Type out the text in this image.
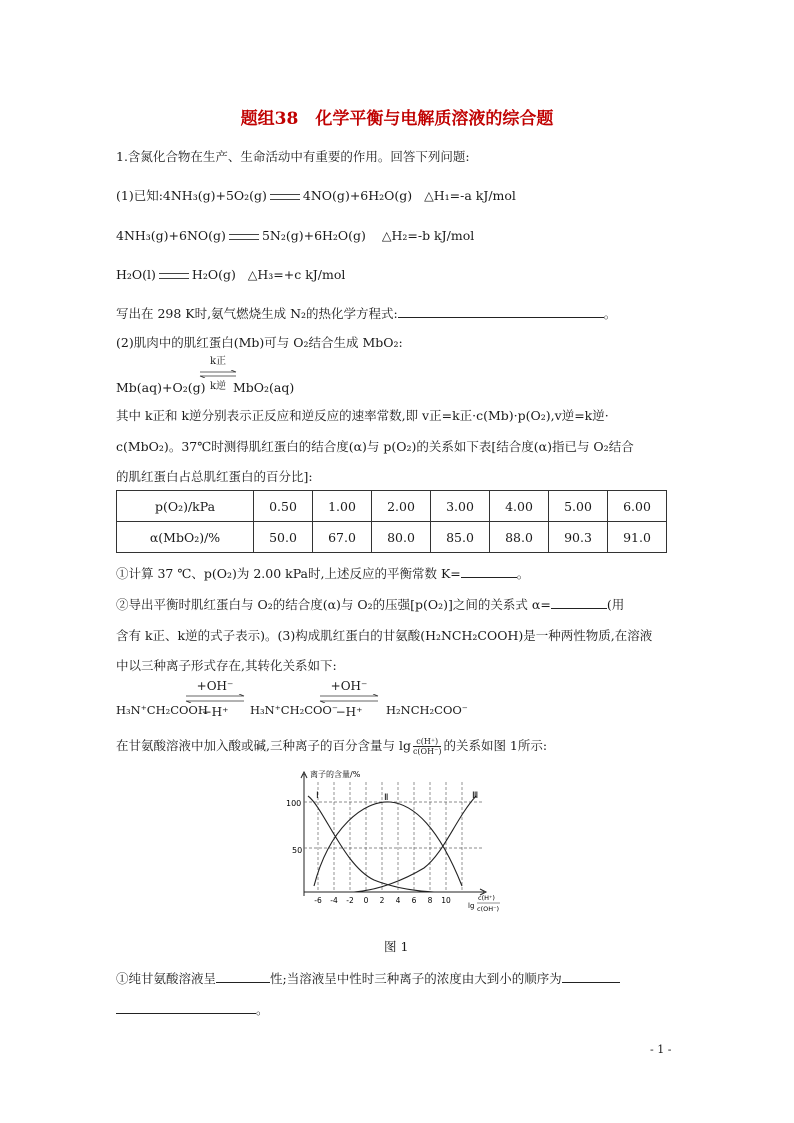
题组38　化学平衡与电解质溶液的综合题
1.含氮化合物在生产、生命活动中有重要的作用。回答下列问题:
(1)已知:4NH₃(g)+5O₂(g)	4NO(g)+6H₂O(g) △H₁=-a kJ/mol
4NH₃(g)+6NO(g)	5N₂(g)+6H₂O(g) △H₂=-b kJ/mol
H₂O(l)	H₂O(g) △H₃=+c kJ/mol
写出在 298 K时,氨气燃烧生成 N₂的热化学方程式:	。
(2)肌肉中的肌红蛋白(Mb)可与 O₂结合生成 MbO₂:
k正
k逆
Mb(aq)+O₂(g) MbO₂(aq)
其中 k正和 k逆分别表示正反应和逆反应的速率常数,即 v正=k正·c(Mb)·p(O₂),v逆=k逆·
c(MbO₂)。37℃时测得肌红蛋白的结合度(α)与 p(O₂)的关系如下表[结合度(α)指已与 O₂结合
的肌红蛋白占总肌红蛋白的百分比]:
p(O₂)/kPa	0.50	1.00	2.00	3.00	4.00	5.00	6.00
α(MbO₂)/%	50.0	67.0	80.0	85.0	88.0	90.3	91.0
①计算 37 ℃、p(O₂)为 2.00 kPa时,上述反应的平衡常数 K=	。
②导出平衡时肌红蛋白与 O₂的结合度(α)与 O₂的压强[p(O₂)]之间的关系式 α=	(用
含有 k正、k逆的式子表示)。(3)构成肌红蛋白的甘氨酸(H₂NCH₂COOH)是一种两性物质,在溶液
中以三种离子形式存在,其转化关系如下:
H₃N⁺CH₂COOH
+OH⁻
−H⁺	H₃N⁺CH₂COO⁻
+OH⁻
−H⁺	H₂NCH₂COO⁻
在甘氨酸溶液中加入酸或碱,三种离子的百分含量与 $\lg \frac{c(H^+)}{c(OH^-)}$ 的关系如图 1所示:
离子的含量/%
100
50
Ⅰ	Ⅱ	Ⅲ
-6 -4 -2 0 2 4 6 8 10
lg
c(H⁺)
c(OH⁻)
图 1
①纯甘氨酸溶液呈	性;当溶液呈中性时三种离子的浓度由大到小的顺序为
。
- 1 -
